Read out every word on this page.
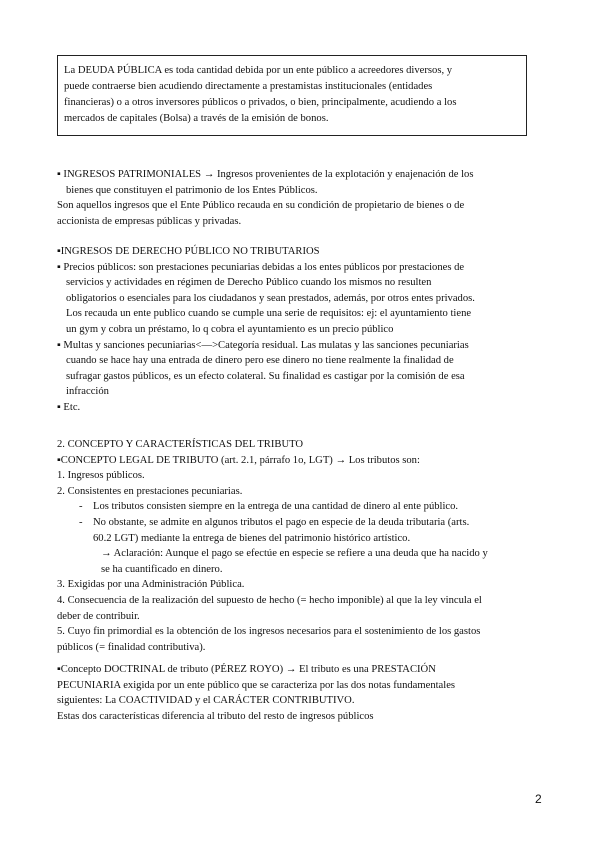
La DEUDA PÚBLICA es toda cantidad debida por un ente público a acreedores diversos, y
puede contraerse bien acudiendo directamente a prestamistas institucionales (entidades
financieras) o a otros inversores públicos o privados, o bien, principalmente, acudiendo a los
mercados de capitales (Bolsa) a través de la emisión de bonos.
▪ INGRESOS PATRIMONIALES → Ingresos provenientes de la explotación y enajenación de los
bienes que constituyen el patrimonio de los Entes Públicos.
Son aquellos ingresos que el Ente Público recauda en su condición de propietario de bienes o de
accionista de empresas públicas y privadas.
▪INGRESOS DE DERECHO PÚBLICO NO TRIBUTARIOS
▪ Precios públicos: son prestaciones pecuniarias debidas a los entes públicos por prestaciones de
servicios y actividades en régimen de Derecho Público cuando los mismos no resulten
obligatorios o esenciales para los ciudadanos y sean prestados, además, por otros entes privados.
Los recauda un ente publico cuando se cumple una serie de requisitos: ej: el ayuntamiento tiene
un gym y cobra un préstamo, lo q cobra el ayuntamiento es un precio público
▪ Multas y sanciones pecuniarias<—>Categoría residual. Las mulatas y las sanciones pecuniarias
cuando se hace hay una entrada de dinero pero ese dinero no tiene realmente la finalidad de
sufragar gastos públicos, es un efecto colateral. Su finalidad es castigar por la comisión de esa
infracción
▪ Etc.
2. CONCEPTO Y CARACTERÍSTICAS DEL TRIBUTO
▪CONCEPTO LEGAL DE TRIBUTO (art. 2.1, párrafo 1o, LGT) → Los tributos son:
1. Ingresos públicos.
2. Consistentes en prestaciones pecuniarias.
- Los tributos consisten siempre en la entrega de una cantidad de dinero al ente público.
- No obstante, se admite en algunos tributos el pago en especie de la deuda tributaria (arts.
60.2 LGT) mediante la entrega de bienes del patrimonio histórico artístico.
→ Aclaración: Aunque el pago se efectúe en especie se refiere a una deuda que ha nacido y
se ha cuantificado en dinero.
3. Exigidas por una Administración Pública.
4. Consecuencia de la realización del supuesto de hecho (= hecho imponible) al que la ley vincula el
deber de contribuir.
5. Cuyo fin primordial es la obtención de los ingresos necesarios para el sostenimiento de los gastos
públicos (= finalidad contributiva).
▪Concepto DOCTRINAL de tributo (PÉREZ ROYO) → El tributo es una PRESTACIÓN
PECUNIARIA exigida por un ente público que se caracteriza por las dos notas fundamentales
siguientes: La COACTIVIDAD y el CARÁCTER CONTRIBUTIVO.
Estas dos características diferencia al tributo del resto de ingresos públicos
2
